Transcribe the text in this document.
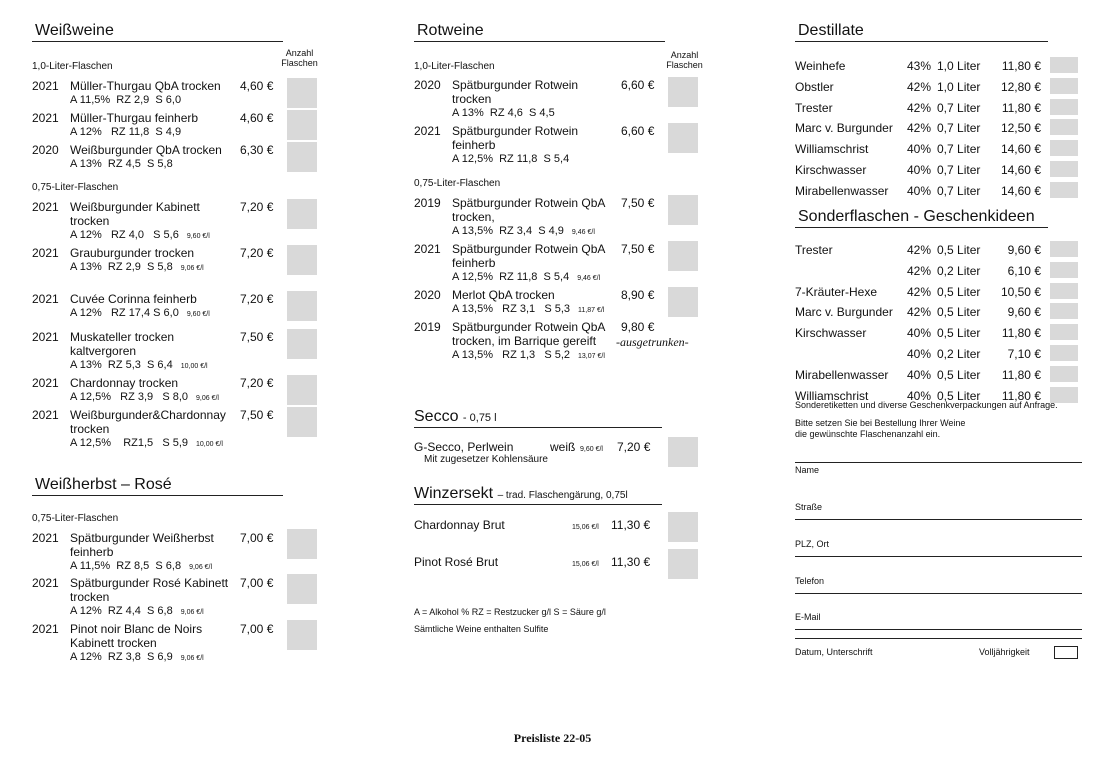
Weißweine
Anzahl
Flaschen
1,0-Liter-Flaschen
2021 Müller-Thurgau QbA trocken
A 11,5%  RZ 2,9  S 6,0
4,60 €
2021 Müller-Thurgau feinherb
A 12%   RZ 11,8  S 4,9
4,60 €
2020 Weißburgunder QbA trocken
A 13%  RZ 4,5  S 5,8
6,30 €
2021 Weißburgunder Kabinett trocken
A 12%   RZ 4,0   S 5,6 9,60 €/l
7,20 €
2021 Grauburgunder trocken
A 13%  RZ 2,9  S 5,8 9,06 €/l
7,20 €
2021 Cuvée Corinna feinherb
A 12%   RZ 17,4 S 6,0 9,60 €/l
7,20 €
2021 Muskateller trocken kaltvergoren
A 13%  RZ 5,3  S 6,4 10,00 €/l
7,50 €
2021 Chardonnay trocken
A 12,5%   RZ 3,9   S 8,0 9,06 €/l
7,20 €
2021 Weißburgunder&Chardonnay trocken
A 12,5%    RZ1,5   S 5,9 10,00 €/l
7,50 €
0,75-Liter-Flaschen
Weißherbst – Rosé
0,75-Liter-Flaschen
2021 Spätburgunder Weißherbst feinherb
A 11,5%  RZ 8,5  S 6,8 9,06 €/l
7,00 €
2021 Spätburgunder Rosé Kabinett trocken
A 12%  RZ 4,4  S 6,8 9,06 €/l
7,00 €
2021 Pinot noir Blanc de Noirs Kabinett trocken
A 12%  RZ 3,8  S 6,9 9,06 €/l
7,00 €
Rotweine
Anzahl
Flaschen
1,0-Liter-Flaschen
0,75-Liter-Flaschen
2020 Spätburgunder Rotwein trocken
A 13%  RZ 4,6  S 4,5
6,60 €
2021 Spätburgunder Rotwein feinherb
A 12,5%  RZ 11,8  S 5,4
6,60 €
2019 Spätburgunder Rotwein QbA trocken,
A 13,5%  RZ 3,4  S 4,9 9,46 €/l
7,50 €
2021 Spätburgunder Rotwein QbA feinherb
A 12,5%  RZ 11,8  S 5,4 9,46 €/l
7,50 €
2020 Merlot QbA trocken
A 13,5%   RZ 3,1   S 5,3 11,87 €/l
8,90 €
2019 Spätburgunder Rotwein QbA trocken, im Barrique gereift
A 13,5%   RZ 1,3   S 5,2 13,07 €/l
9,80 €
-ausgetrunken-
Secco - 0,75 l
G-Secco, Perlwein	weiß 9,60 €/l 7,20 €
Mit zugesetzer Kohlensäure
Winzersekt – trad. Flaschengärung, 0,75l
Chardonnay Brut	15,06 €/l 11,30 €
Pinot Rosé Brut	15,06 €/l 11,30 €
A = Alkohol % RZ = Restzucker g/l S = Säure g/l
Sämtliche Weine enthalten Sulfite
Destillate
Weinhefe	43% 1,0 Liter	11,80 €
Obstler	42% 1,0 Liter	12,80 €
Trester	42% 0,7 Liter	11,80 €
Marc v. Burgunder 42% 0,7 Liter	12,50 €
Williamschrist	40% 0,7 Liter	14,60 €
Kirschwasser	40% 0,7 Liter	14,60 €
Mirabellenwasser 40% 0,7 Liter	14,60 €
Sonderflaschen - Geschenkideen
Trester	42% 0,5 Liter	9,60 €
42% 0,2 Liter	6,10 €
7-Kräuter-Hexe 42% 0,5 Liter	10,50 €
Marc v. Burgunder 42% 0,5 Liter	9,60 €
Kirschwasser	40% 0,5 Liter	11,80 €
40% 0,2 Liter	7,10 €
Mirabellenwasser 40% 0,5 Liter	11,80 €
Williamschrist	40% 0,5 Liter	11,80 €
Sonderetiketten und diverse Geschenkverpackungen auf Anfrage.
Bitte setzen Sie bei Bestellung Ihrer Weine
die gewünschte Flaschenanzahl ein.
Name
Straße
PLZ, Ort
Telefon
E-Mail
Datum, Unterschrift	Volljährigkeit
Preisliste 22-05
